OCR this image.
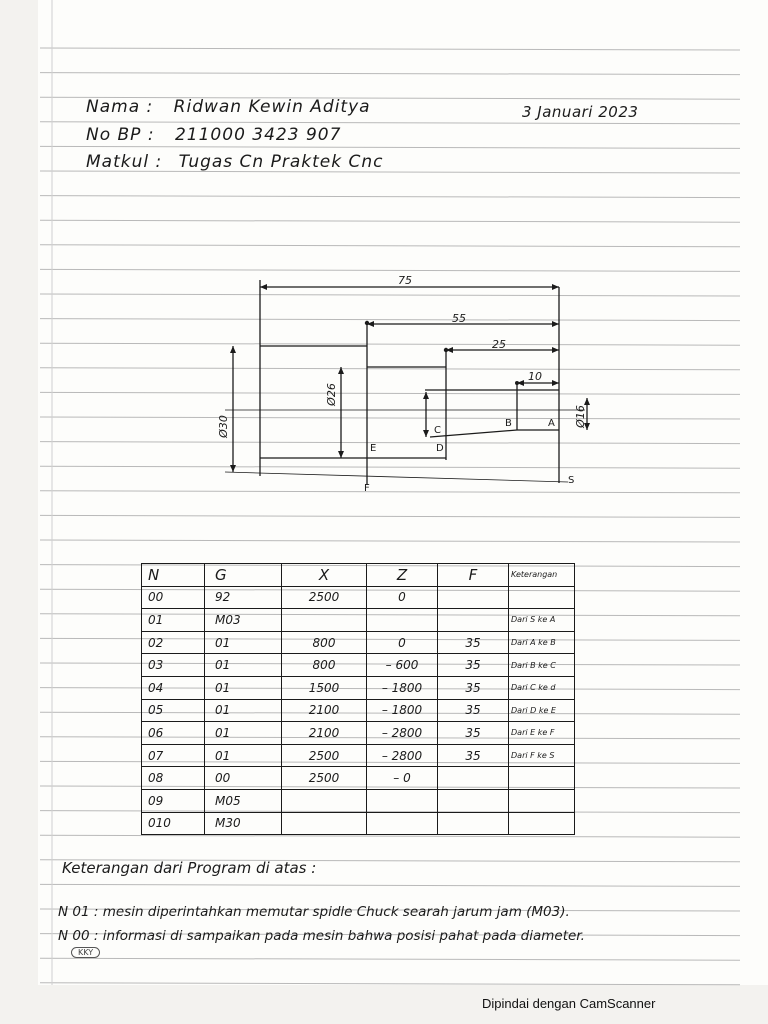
Nama : Ridwan Kewin Aditya
No BP : 211000 3423 907
Matkul : Tugas Cn Praktek Cnc
3 Januari 2023
75
55
25
10
Ø30
Ø26
Ø16
A
B
C
D
E
F
S
N	G	X	Z	F	Keterangan
00	92	2500	0		
01	M03				Dari S ke A
02	01	800	0	35	Dari A ke B
03	01	800	– 600	35	Dari B ke C
04	01	1500	– 1800	35	Dari C ke d
05	01	2100	– 1800	35	Dari D ke E
06	01	2100	– 2800	35	Dari E ke F
07	01	2500	– 2800	35	Dari F ke S
08	00	2500	– 0		
09	M05				
010	M30				
Keterangan dari Program di atas :
N 01 : mesin diperintahkan memutar spidle Chuck searah jarum jam (M03).
N 00 : informasi di sampaikan pada mesin bahwa posisi pahat pada diameter.
KKY
Dipindai dengan CamScanner
